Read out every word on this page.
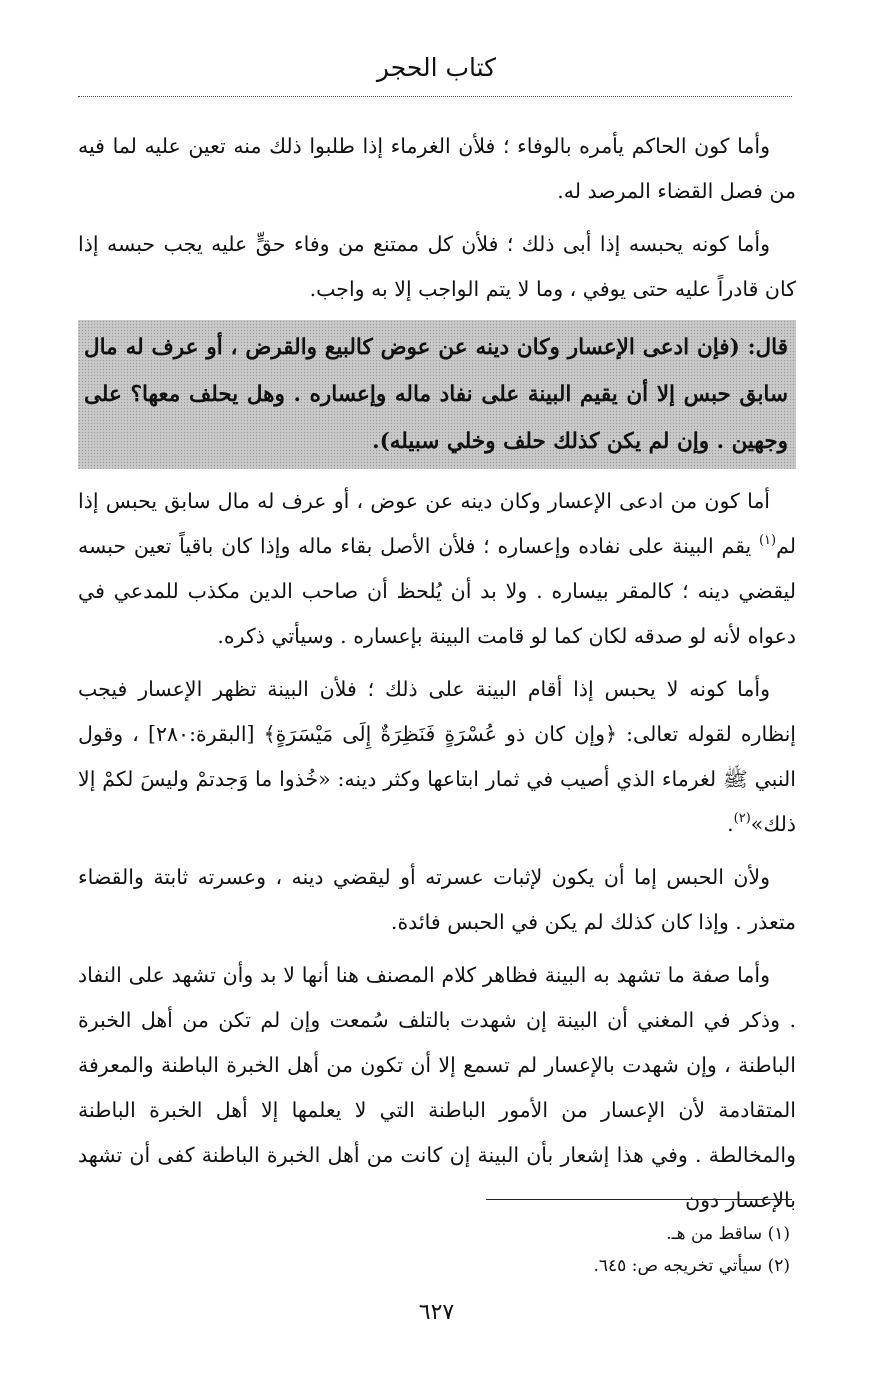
كتاب الحجر

وأما كون الحاكم يأمره بالوفاء ؛ فلأن الغرماء إذا طلبوا ذلك منه تعين عليه لما فيه من فصل القضاء المرصد له.

وأما كونه يحبسه إذا أبى ذلك ؛ فلأن كل ممتنع من وفاء حقٍّ عليه يجب حبسه إذا كان قادراً عليه حتى يوفي ، وما لا يتم الواجب إلا به واجب.

قال: (فإن ادعى الإعسار وكان دينه عن عوض كالبيع والقرض ، أو عرف له مال سابق حبس إلا أن يقيم البينة على نفاد ماله وإعساره . وهل يحلف معها؟ على وجهين . وإن لم يكن كذلك حلف وخلي سبيله).

أما كون من ادعى الإعسار وكان دينه عن عوض ، أو عرف له مال سابق يحبس إذا لم$^{(١)}$ يقم البينة على نفاده وإعساره ؛ فلأن الأصل بقاء ماله وإذا كان باقياً تعين حبسه ليقضي دينه ؛ كالمقر بيساره . ولا بد أن يُلحظ أن صاحب الدين مكذب للمدعي في دعواه لأنه لو صدقه لكان كما لو قامت البينة بإعساره . وسيأتي ذكره.

وأما كونه لا يحبس إذا أقام البينة على ذلك ؛ فلأن البينة تظهر الإعسار فيجب إنظاره لقوله تعالى: ﴿وإن كان ذو عُسْرَةٍ فَنَظِرَةٌ إِلَى مَيْسَرَةٍ﴾ [البقرة:٢٨٠] ، وقول النبي ﷺ لغرماء الذي أصيب في ثمار ابتاعها وكثر دينه: «خُذوا ما وَجدتمْ وليسَ لكمْ إلا ذلك»$^{(٢)}$.

ولأن الحبس إما أن يكون لإثبات عسرته أو ليقضي دينه ، وعسرته ثابتة والقضاء متعذر . وإذا كان كذلك لم يكن في الحبس فائدة.

وأما صفة ما تشهد به البينة فظاهر كلام المصنف هنا أنها لا بد وأن تشهد على النفاد . وذكر في المغني أن البينة إن شهدت بالتلف سُمعت وإن لم تكن من أهل الخبرة الباطنة ، وإن شهدت بالإعسار لم تسمع إلا أن تكون من أهل الخبرة الباطنة والمعرفة المتقادمة لأن الإعسار من الأمور الباطنة التي لا يعلمها إلا أهل الخبرة الباطنة والمخالطة . وفي هذا إشعار بأن البينة إن كانت من أهل الخبرة الباطنة كفى أن تشهد بالإعسار دون

(١) ساقط من هـ.

(٢) سيأتي تخريجه ص: ٦٤٥.

٦٢٧
